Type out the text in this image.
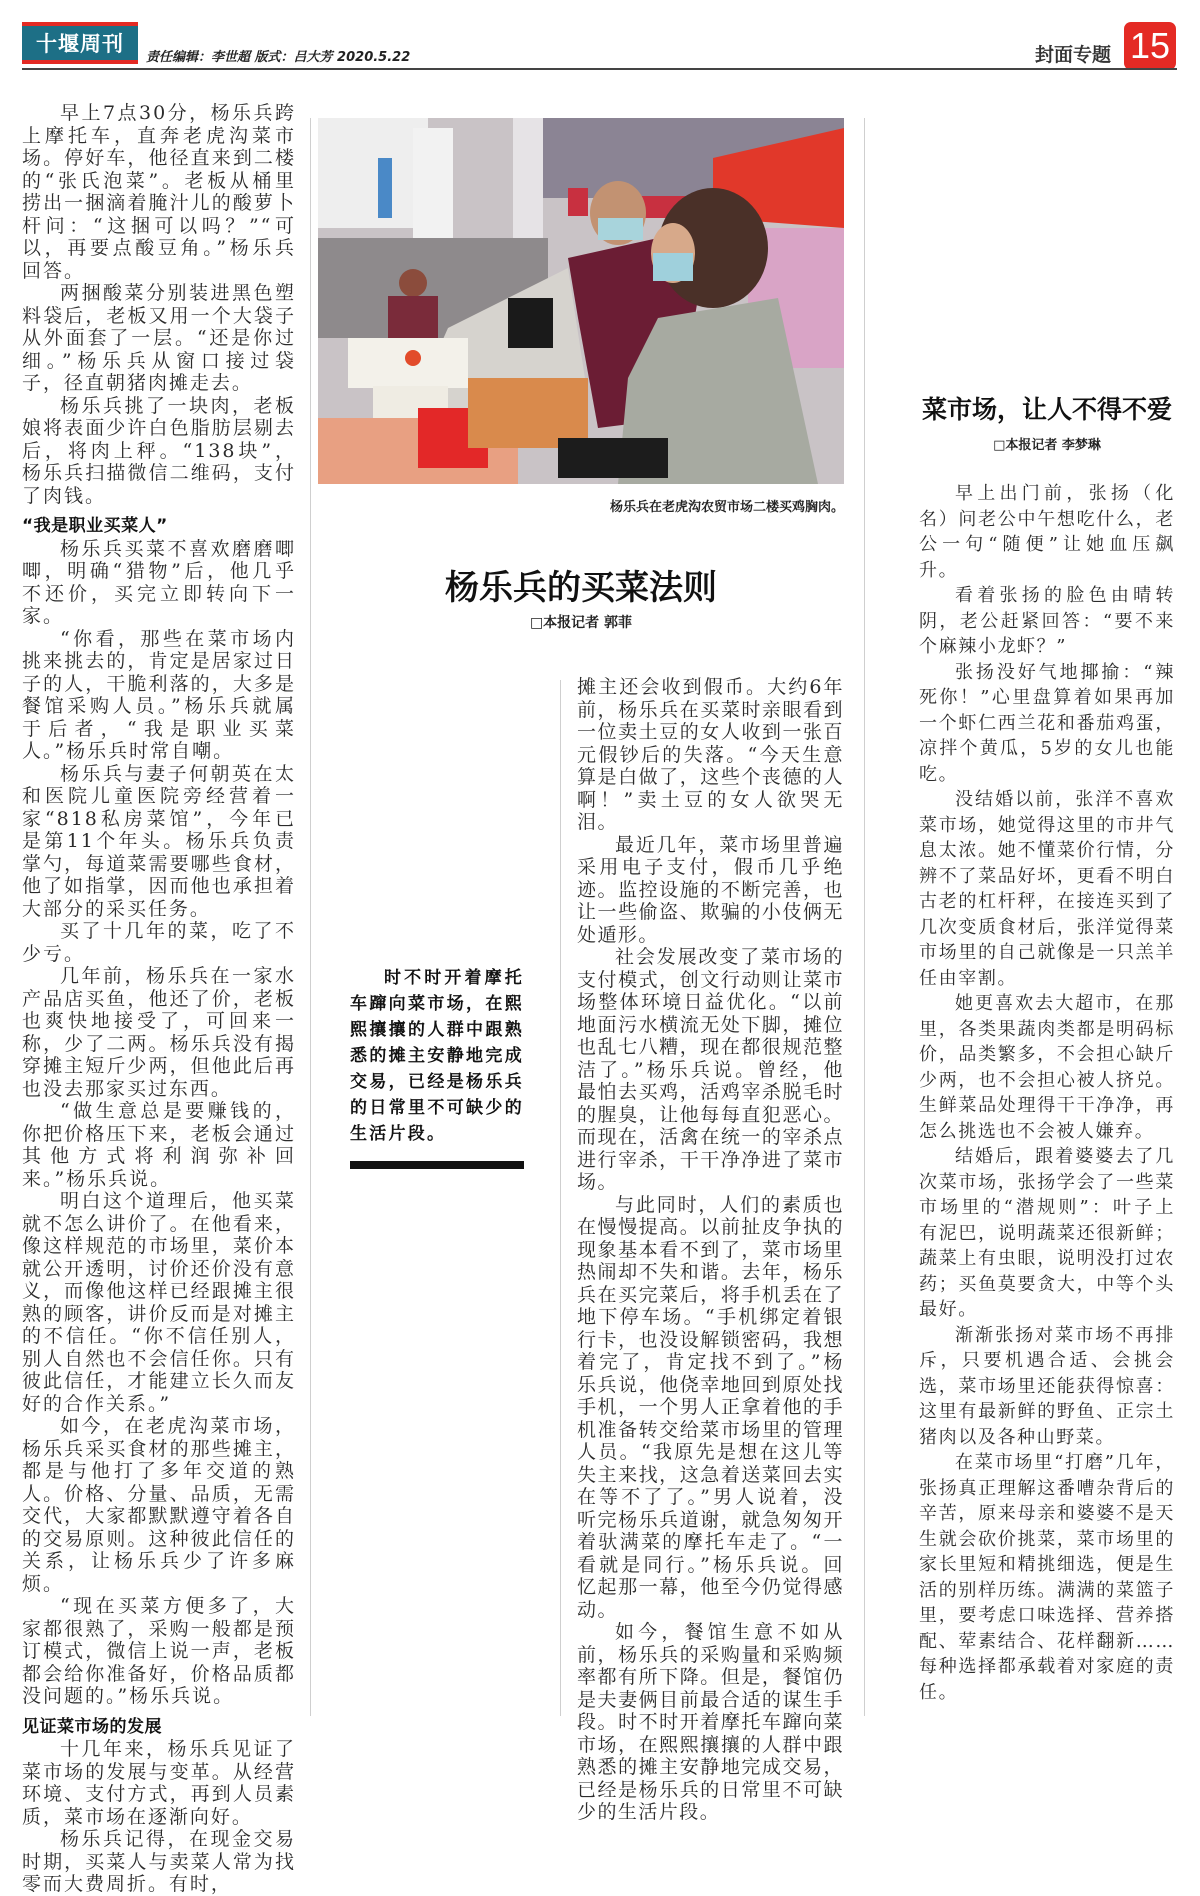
十堰周刊
责任编辑：李世超 版式：吕大芳 2020.5.22	封面专题 15

早上7点30分，杨乐兵跨上摩托车，直奔老虎沟菜市场。停好车，他径直来到二楼的“张氏泡菜”。老板从桶里捞出一捆滴着腌汁儿的酸萝卜杆问：“这捆可以吗？”“可以，再要点酸豆角。”杨乐兵回答。

两捆酸菜分别装进黑色塑料袋后，老板又用一个大袋子从外面套了一层。“还是你过细。”杨乐兵从窗口接过袋子，径直朝猪肉摊走去。

杨乐兵挑了一块肉，老板娘将表面少许白色脂肪层剔去后，将肉上秤。“138块”，杨乐兵扫描微信二维码，支付了肉钱。

“我是职业买菜人”

杨乐兵买菜不喜欢磨磨唧唧，明确“猎物”后，他几乎不还价，买完立即转向下一家。

“你看，那些在菜市场内挑来挑去的，肯定是居家过日子的人，干脆利落的，大多是餐馆采购人员。”杨乐兵就属于后者，“我是职业买菜人。”杨乐兵时常自嘲。

杨乐兵与妻子何朝英在太和医院儿童医院旁经营着一家“818私房菜馆”，今年已是第11个年头。杨乐兵负责掌勺，每道菜需要哪些食材，他了如指掌，因而他也承担着大部分的采买任务。

买了十几年的菜，吃了不少亏。

几年前，杨乐兵在一家水产品店买鱼，他还了价，老板也爽快地接受了，可回来一称，少了二两。杨乐兵没有揭穿摊主短斤少两，但他此后再也没去那家买过东西。

“做生意总是要赚钱的，你把价格压下来，老板会通过其他方式将利润弥补回来。”杨乐兵说。

明白这个道理后，他买菜就不怎么讲价了。在他看来，像这样规范的市场里，菜价本就公开透明，讨价还价没有意义，而像他这样已经跟摊主很熟的顾客，讲价反而是对摊主的不信任。“你不信任别人，别人自然也不会信任你。只有彼此信任，才能建立长久而友好的合作关系。”

如今，在老虎沟菜市场，杨乐兵采买食材的那些摊主，都是与他打了多年交道的熟人。价格、分量、品质，无需交代，大家都默默遵守着各自的交易原则。这种彼此信任的关系，让杨乐兵少了许多麻烦。

“现在买菜方便多了，大家都很熟了，采购一般都是预订模式，微信上说一声，老板都会给你准备好，价格品质都没问题的。”杨乐兵说。

见证菜市场的发展

十几年来，杨乐兵见证了菜市场的发展与变革。从经营环境、支付方式，再到人员素质，菜市场在逐渐向好。

杨乐兵记得，在现金交易时期，买菜人与卖菜人常为找零而大费周折。有时，

杨乐兵在老虎沟农贸市场二楼买鸡胸肉。
杨乐兵的买菜法则
□本报记者 郭菲

时不时开着摩托车蹿向菜市场，在熙熙攘攘的人群中跟熟悉的摊主安静地完成交易，已经是杨乐兵的日常里不可缺少的生活片段。

摊主还会收到假币。大约6年前，杨乐兵在买菜时亲眼看到一位卖土豆的女人收到一张百元假钞后的失落。“今天生意算是白做了，这些个丧德的人啊！”卖土豆的女人欲哭无泪。

最近几年，菜市场里普遍采用电子支付，假币几乎绝迹。监控设施的不断完善，也让一些偷盗、欺骗的小伎俩无处遁形。

社会发展改变了菜市场的支付模式，创文行动则让菜市场整体环境日益优化。“以前地面污水横流无处下脚，摊位也乱七八糟，现在都很规范整洁了。”杨乐兵说。曾经，他最怕去买鸡，活鸡宰杀脱毛时的腥臭，让他每每直犯恶心。而现在，活禽在统一的宰杀点进行宰杀，干干净净进了菜市场。

与此同时，人们的素质也在慢慢提高。以前扯皮争执的现象基本看不到了，菜市场里热闹却不失和谐。去年，杨乐兵在买完菜后，将手机丢在了地下停车场。“手机绑定着银行卡，也没设解锁密码，我想着完了，肯定找不到了。”杨乐兵说，他侥幸地回到原处找手机，一个男人正拿着他的手机准备转交给菜市场里的管理人员。“我原先是想在这儿等失主来找，这急着送菜回去实在等不了了。”男人说着，没听完杨乐兵道谢，就急匆匆开着驮满菜的摩托车走了。“一看就是同行。”杨乐兵说。回忆起那一幕，他至今仍觉得感动。

如今，餐馆生意不如从前，杨乐兵的采购量和采购频率都有所下降。但是，餐馆仍是夫妻俩目前最合适的谋生手段。时不时开着摩托车蹿向菜市场，在熙熙攘攘的人群中跟熟悉的摊主安静地完成交易，已经是杨乐兵的日常里不可缺少的生活片段。

菜市场，让人不得不爱
□本报记者 李梦琳

早上出门前，张扬（化名）问老公中午想吃什么，老公一句“随便”让她血压飙升。

看着张扬的脸色由晴转阴，老公赶紧回答：“要不来个麻辣小龙虾？”

张扬没好气地揶揄：“辣死你！”心里盘算着如果再加一个虾仁西兰花和番茄鸡蛋，凉拌个黄瓜，5岁的女儿也能吃。

没结婚以前，张洋不喜欢菜市场，她觉得这里的市井气息太浓。她不懂菜价行情，分辨不了菜品好坏，更看不明白古老的杠杆秤，在接连买到了几次变质食材后，张洋觉得菜市场里的自己就像是一只羔羊任由宰割。

她更喜欢去大超市，在那里，各类果蔬肉类都是明码标价，品类繁多，不会担心缺斤少两，也不会担心被人挤兑。生鲜菜品处理得干干净净，再怎么挑选也不会被人嫌弃。

结婚后，跟着婆婆去了几次菜市场，张扬学会了一些菜市场里的“潜规则”：叶子上有泥巴，说明蔬菜还很新鲜；蔬菜上有虫眼，说明没打过农药；买鱼莫要贪大，中等个头最好。

渐渐张扬对菜市场不再排斥，只要机遇合适、会挑会选，菜市场里还能获得惊喜：这里有最新鲜的野鱼、正宗土猪肉以及各种山野菜。

在菜市场里“打磨”几年，张扬真正理解这番嘈杂背后的辛苦，原来母亲和婆婆不是天生就会砍价挑菜，菜市场里的家长里短和精挑细选，便是生活的别样历练。满满的菜篮子里，要考虑口味选择、营养搭配、荤素结合、花样翻新……每种选择都承载着对家庭的责任。
